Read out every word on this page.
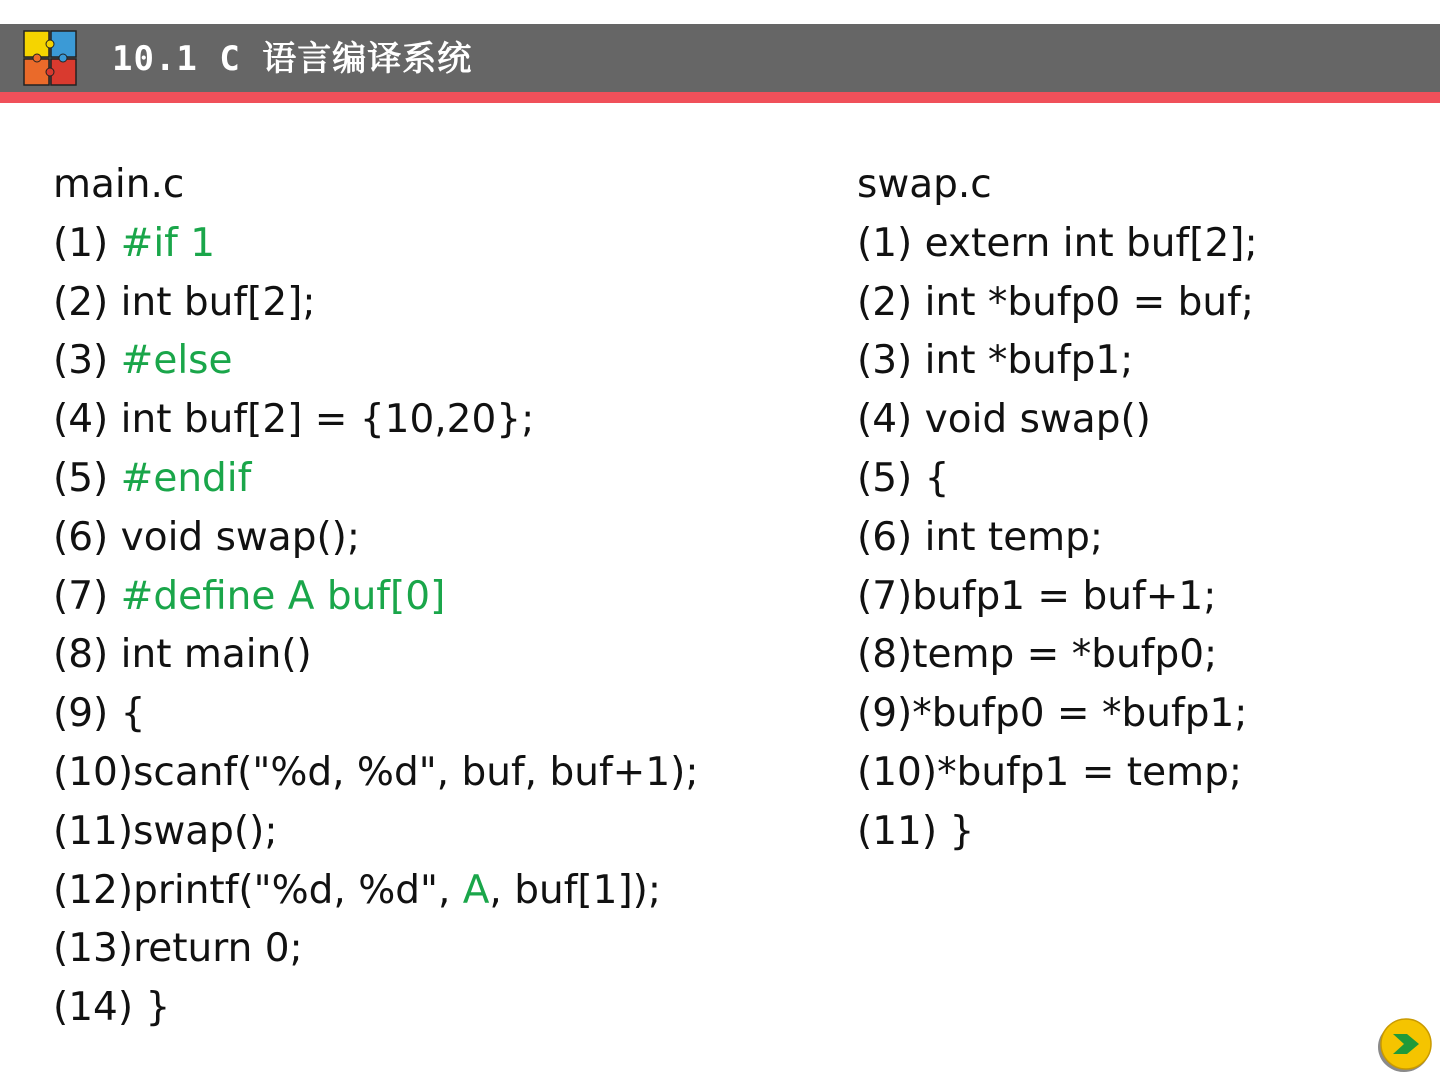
10.1 C 语言编译系统
main.c
(1) #if 1
(2) int buf[2];
(3) #else
(4) int buf[2] = {10,20};
(5) #endif
(6) void swap();
(7) #define A buf[0]
(8) int main()
(9) {
(10)scanf("%d, %d", buf, buf+1);
(11)swap();
(12)printf("%d, %d", A, buf[1]);
(13)return 0;
(14) }
swap.c
(1) extern int buf[2];
(2) int *bufp0 = buf;
(3) int *bufp1;
(4) void swap()
(5) {
(6) int temp;
(7)bufp1 = buf+1;
(8)temp = *bufp0;
(9)*bufp0 = *bufp1;
(10)*bufp1 = temp;
(11) }
